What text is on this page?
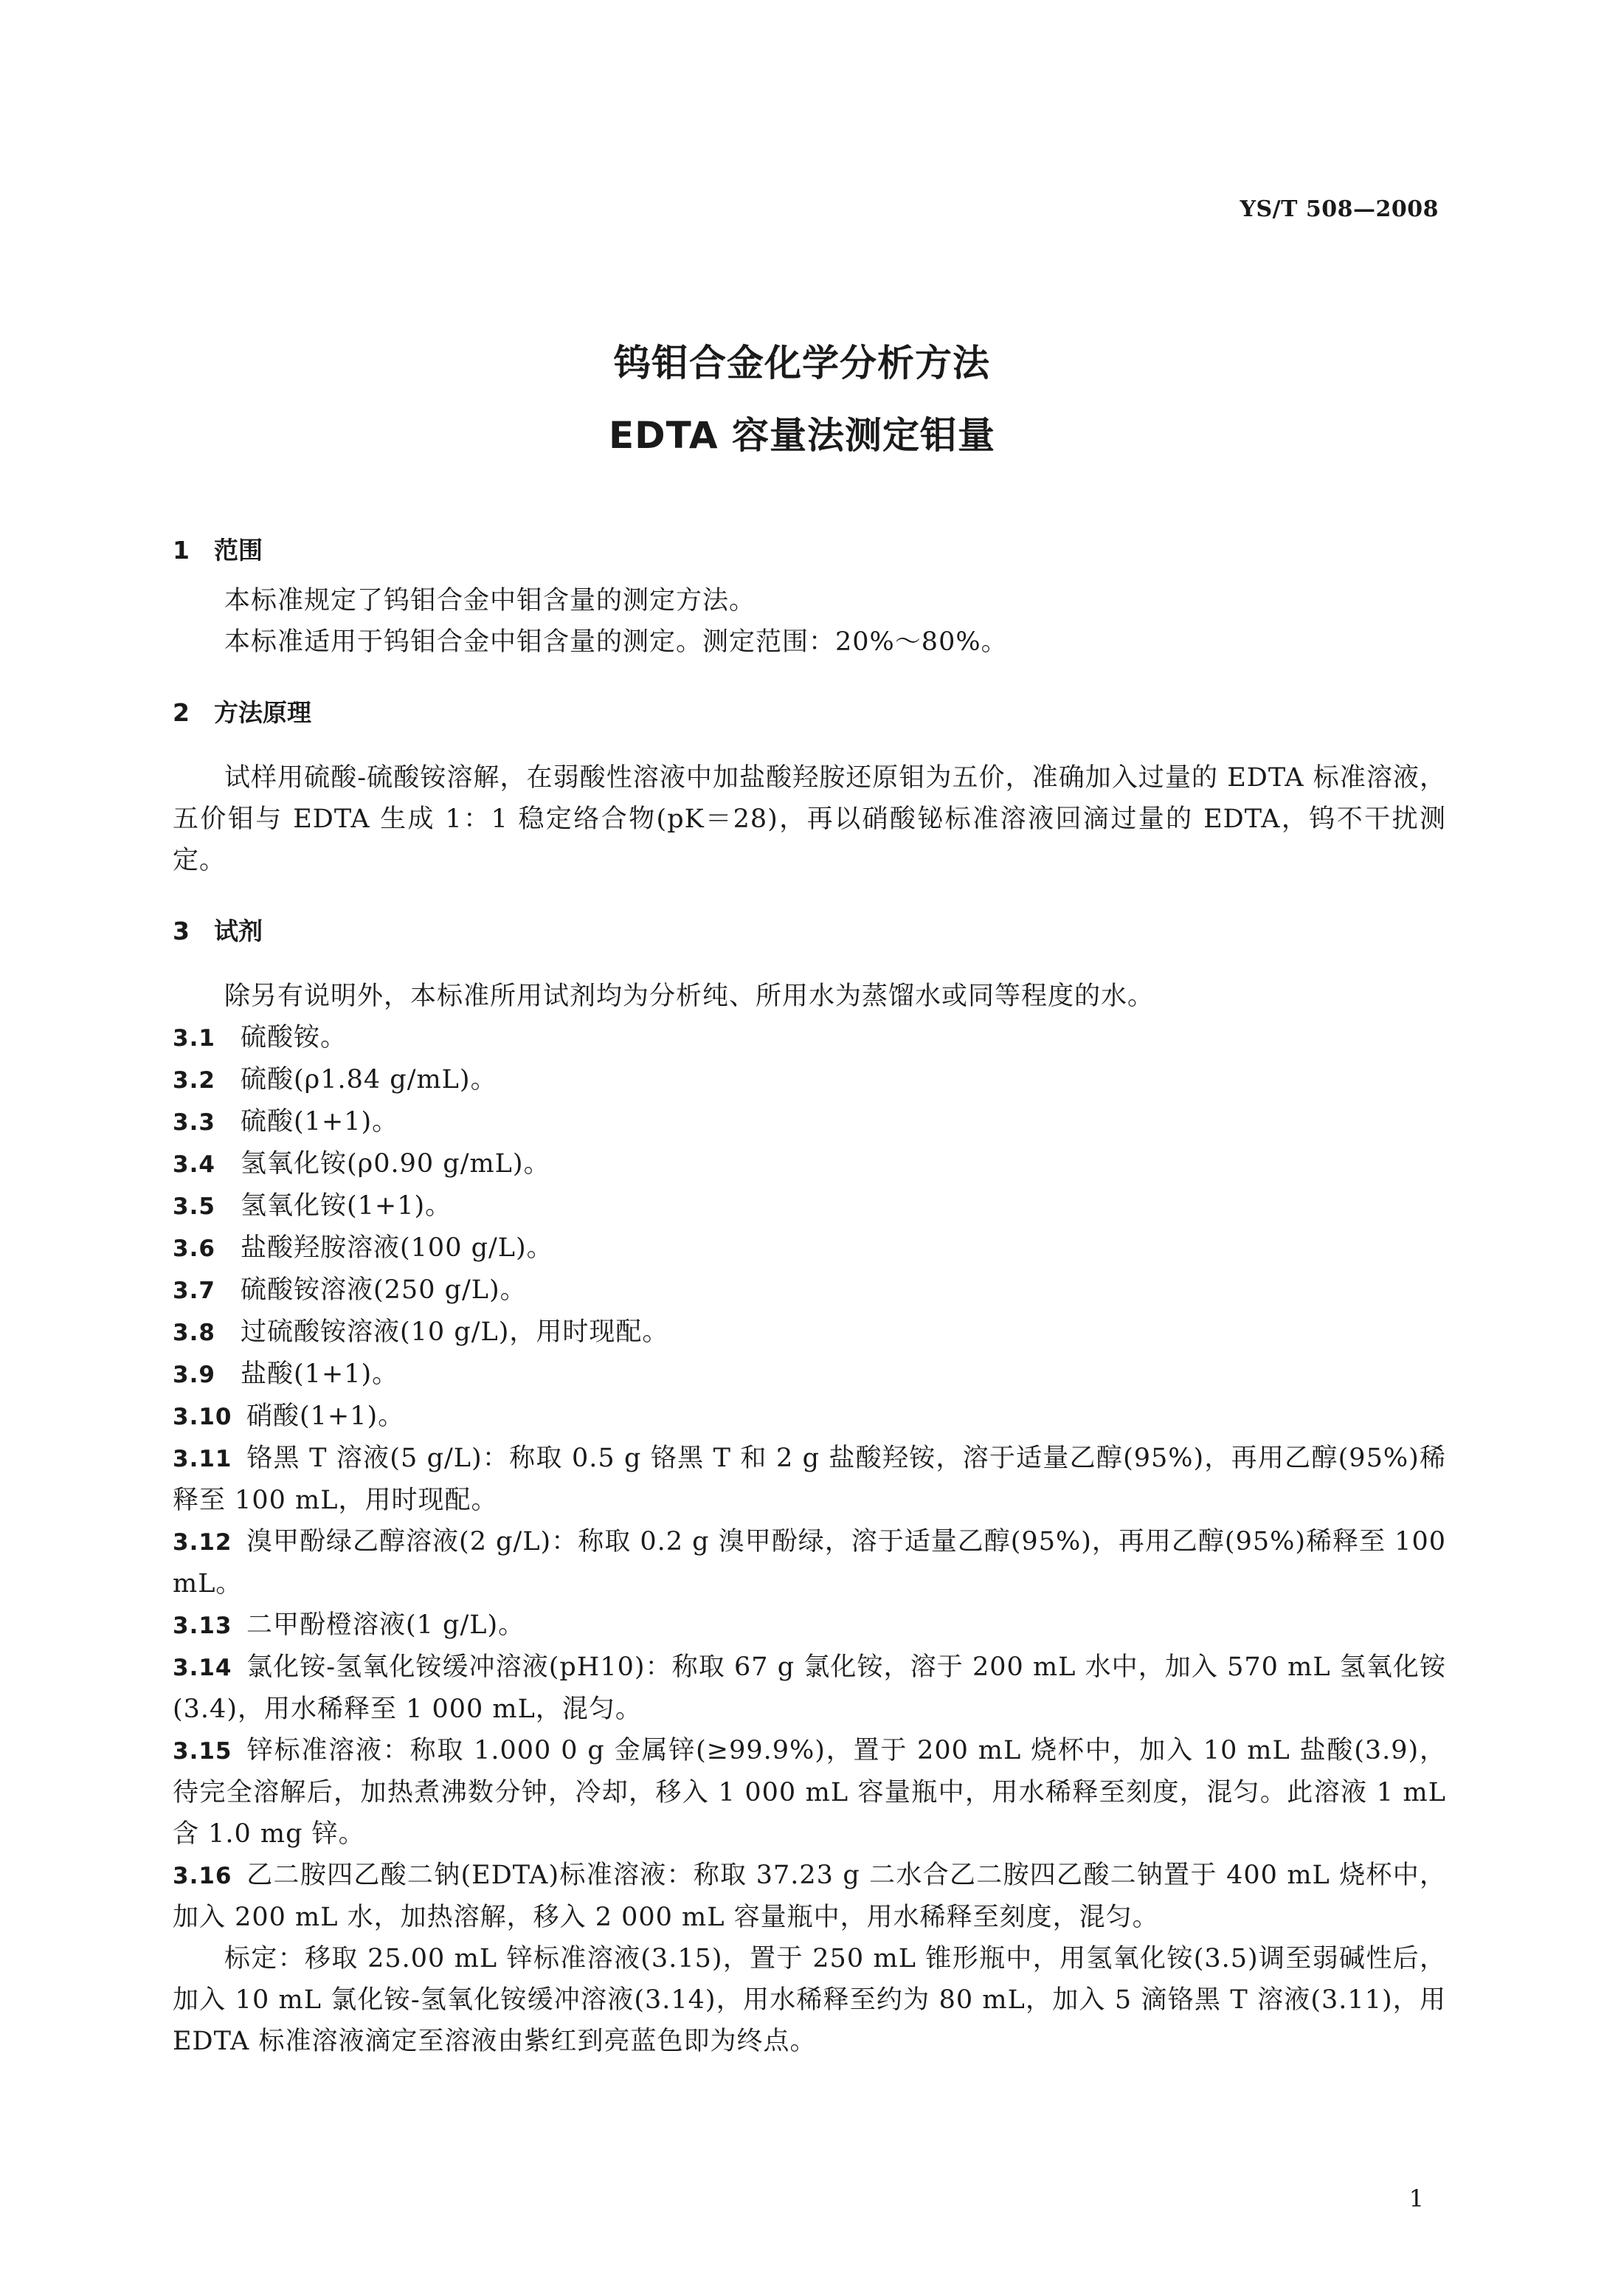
YS/T 508—2008
钨钼合金化学分析方法
EDTA 容量法测定钼量
1 范围

本标准规定了钨钼合金中钼含量的测定方法。

本标准适用于钨钼合金中钼含量的测定。测定范围：20%～80%。

2 方法原理

试样用硫酸-硫酸铵溶解，在弱酸性溶液中加盐酸羟胺还原钼为五价，准确加入过量的 EDTA 标准溶液，五价钼与 EDTA 生成 1：1 稳定络合物(pK＝28)，再以硝酸铋标准溶液回滴过量的 EDTA，钨不干扰测定。

3 试剂

除另有说明外，本标准所用试剂均为分析纯、所用水为蒸馏水或同等程度的水。

3.1 硫酸铵。

3.2 硫酸(ρ1.84 g/mL)。

3.3 硫酸(1+1)。

3.4 氢氧化铵(ρ0.90 g/mL)。

3.5 氢氧化铵(1+1)。

3.6 盐酸羟胺溶液(100 g/L)。

3.7 硫酸铵溶液(250 g/L)。

3.8 过硫酸铵溶液(10 g/L)，用时现配。

3.9 盐酸(1+1)。

3.10 硝酸(1+1)。

3.11 铬黑 T 溶液(5 g/L)：称取 0.5 g 铬黑 T 和 2 g 盐酸羟铵，溶于适量乙醇(95%)，再用乙醇(95%)稀释至 100 mL，用时现配。

3.12 溴甲酚绿乙醇溶液(2 g/L)：称取 0.2 g 溴甲酚绿，溶于适量乙醇(95%)，再用乙醇(95%)稀释至 100 mL。

3.13 二甲酚橙溶液(1 g/L)。

3.14 氯化铵-氢氧化铵缓冲溶液(pH10)：称取 67 g 氯化铵，溶于 200 mL 水中，加入 570 mL 氢氧化铵(3.4)，用水稀释至 1 000 mL，混匀。

3.15 锌标准溶液：称取 1.000 0 g 金属锌(≥99.9%)，置于 200 mL 烧杯中，加入 10 mL 盐酸(3.9)，待完全溶解后，加热煮沸数分钟，冷却，移入 1 000 mL 容量瓶中，用水稀释至刻度，混匀。此溶液 1 mL 含 1.0 mg 锌。

3.16 乙二胺四乙酸二钠(EDTA)标准溶液：称取 37.23 g 二水合乙二胺四乙酸二钠置于 400 mL 烧杯中，加入 200 mL 水，加热溶解，移入 2 000 mL 容量瓶中，用水稀释至刻度，混匀。

标定：移取 25.00 mL 锌标准溶液(3.15)，置于 250 mL 锥形瓶中，用氢氧化铵(3.5)调至弱碱性后，加入 10 mL 氯化铵-氢氧化铵缓冲溶液(3.14)，用水稀释至约为 80 mL，加入 5 滴铬黑 T 溶液(3.11)，用 EDTA 标准溶液滴定至溶液由紫红到亮蓝色即为终点。

1
